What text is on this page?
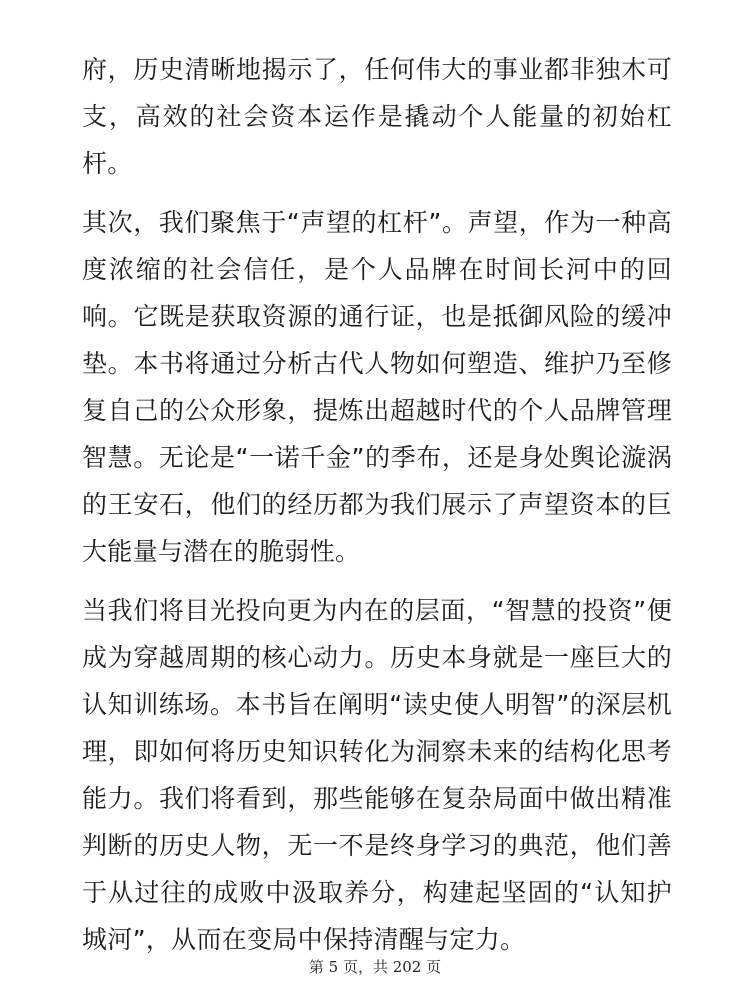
府，历史清晰地揭示了，任何伟大的事业都非独木可支，高效的社会资本运作是撬动个人能量的初始杠杆。

其次，我们聚焦于“声望的杠杆”。声望，作为一种高度浓缩的社会信任，是个人品牌在时间长河中的回响。它既是获取资源的通行证，也是抵御风险的缓冲垫。本书将通过分析古代人物如何塑造、维护乃至修复自己的公众形象，提炼出超越时代的个人品牌管理智慧。无论是“一诺千金”的季布，还是身处舆论漩涡的王安石，他们的经历都为我们展示了声望资本的巨大能量与潜在的脆弱性。

当我们将目光投向更为内在的层面，“智慧的投资”便成为穿越周期的核心动力。历史本身就是一座巨大的认知训练场。本书旨在阐明“读史使人明智”的深层机理，即如何将历史知识转化为洞察未来的结构化思考能力。我们将看到，那些能够在复杂局面中做出精准判断的历史人物，无一不是终身学习的典范，他们善于从过往的成败中汲取养分，构建起坚固的“认知护城河”，从而在变局中保持清醒与定力。

第 5 页，共 202 页
